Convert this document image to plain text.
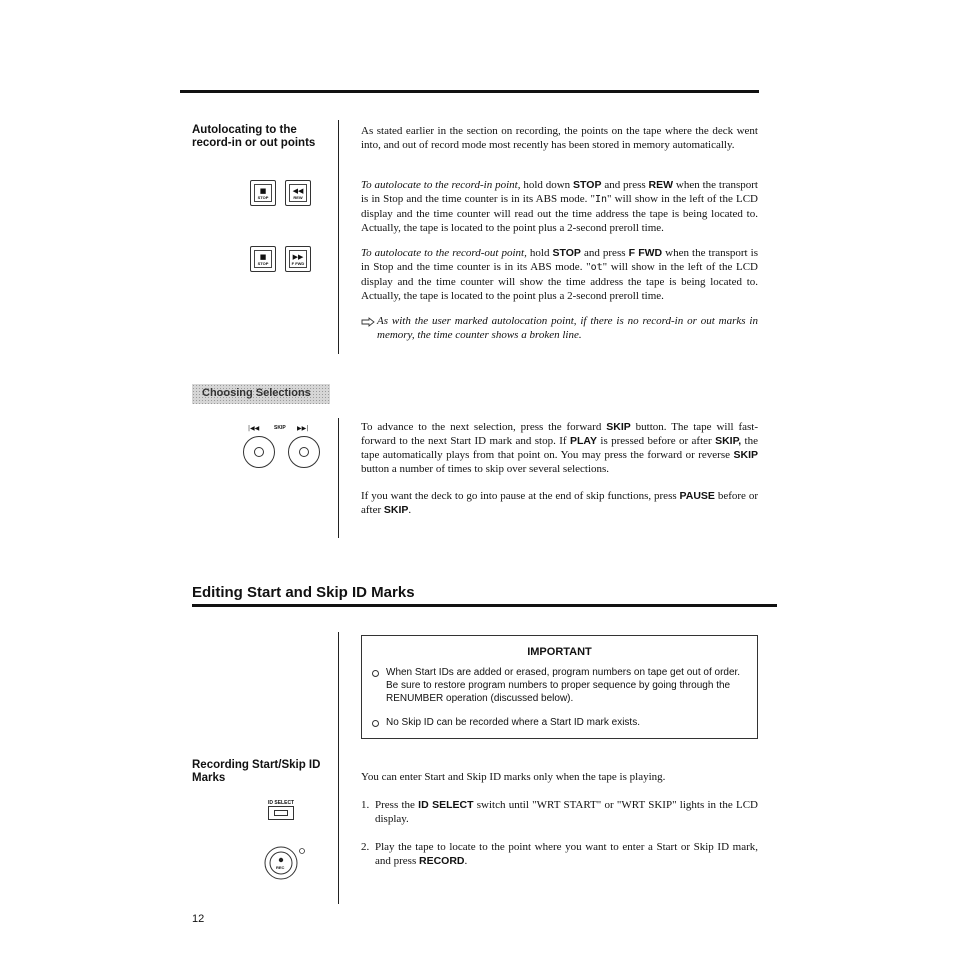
Autolocating to the record-in or out points
■
STOP
◀◀
REW
■
STOP
▶▶
F FWD
As stated earlier in the section on recording, the points on the tape where the deck went into, and out of record mode most recently has been stored in memory automatically.
To autolocate to the record-in point, hold down STOP and press REW when the transport is in Stop and the time counter is in its ABS mode. "In" will show in the left of the LCD display and the time counter will read out the time address the tape is being located to. Actually, the tape is located to the point plus a 2-second preroll time.
To autolocate to the record-out point, hold STOP and press F FWD when the transport is in Stop and the time counter is in its ABS mode. "ot" will show in the left of the LCD display and the time counter will show the time address the tape is being located to. Actually, the tape is located to the point plus a 2-second preroll time.
As with the user marked autolocation point, if there is no record-in or out marks in memory, the time counter shows a broken line.
Choosing Selections
|◀◀	SKIP ▶▶|	To advance to the next selection, press the forward SKIP button. The tape will fast-forward to the next Start ID mark and stop. If PLAY is pressed before or after SKIP, the tape automatically plays from that point on. You may press the forward or reverse SKIP button a number of times to skip over several selections.
If you want the deck to go into pause at the end of skip functions, press PAUSE before or after SKIP.
Editing Start and Skip ID Marks
IMPORTANT
When Start IDs are added or erased, program numbers on tape get out of order. Be sure to restore program numbers to proper sequence by going through the RENUMBER operation (discussed below).
No Skip ID can be recorded where a Start ID mark exists.
Recording Start/Skip ID Marks
ID SELECT
REC
You can enter Start and Skip ID marks only when the tape is playing.
1. Press the ID SELECT switch until "WRT START" or "WRT SKIP" lights in the LCD display.
2. Play the tape to locate to the point where you want to enter a Start or Skip ID mark, and press RECORD.
12
